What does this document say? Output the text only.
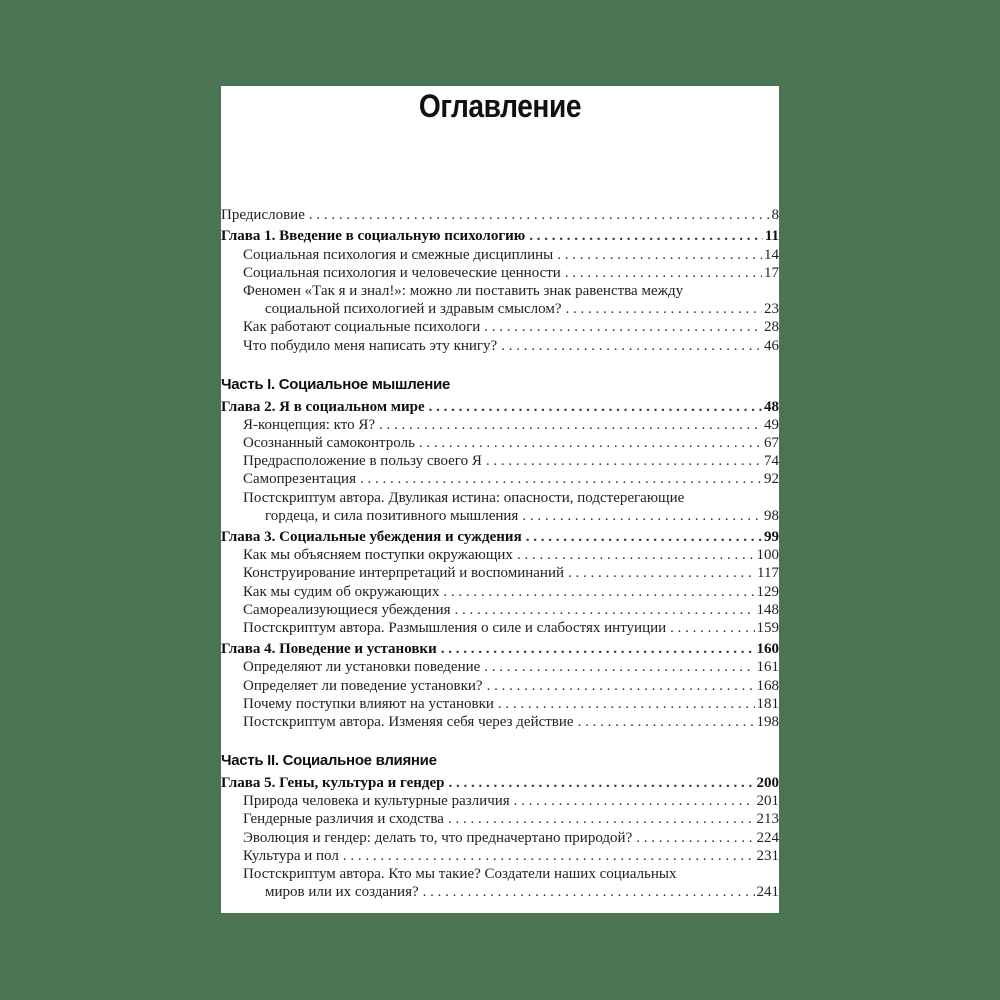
Оглавление
Предисловие . . .	8
Глава 1. Введение в социальную психологию . . .	11
Социальная психология и смежные дисциплины . . .	14
Социальная психология и человеческие ценности . . .	17
Феномен «Так я и знал!»: можно ли поставить знак равенства между
социальной психологией и здравым смыслом? . . .	23
Как работают социальные психологи . . .	28
Что побудило меня написать эту книгу? . . .	46
Часть I. Социальное мышление
Глава 2. Я в социальном мире . . .	48
Я-концепция: кто Я? . . .	49
Осознанный самоконтроль . . .	67
Предрасположение в пользу своего Я . . .	74
Самопрезентация . . .	92
Постскриптум автора. Двуликая истина: опасности, подстерегающие
гордеца, и сила позитивного мышления . . .	98
Глава 3. Социальные убеждения и суждения . . .	99
Как мы объясняем поступки окружающих . . .	100
Конструирование интерпретаций и воспоминаний . . .	117
Как мы судим об окружающих . . .	129
Самореализующиеся убеждения . . .	148
Постскриптум автора. Размышления о силе и слабостях интуиции . . .	159
Глава 4. Поведение и установки . . .	160
Определяют ли установки поведение . . .	161
Определяет ли поведение установки? . . .	168
Почему поступки влияют на установки . . .	181
Постскриптум автора. Изменяя себя через действие . . .	198
Часть II. Социальное влияние
Глава 5. Гены, культура и гендер . . .	200
Природа человека и культурные различия . . .	201
Гендерные различия и сходства . . .	213
Эволюция и гендер: делать то, что предначертано природой? . . .	224
Культура и пол . . .	231
Постскриптум автора. Кто мы такие? Создатели наших социальных
миров или их создания? . . .	241
